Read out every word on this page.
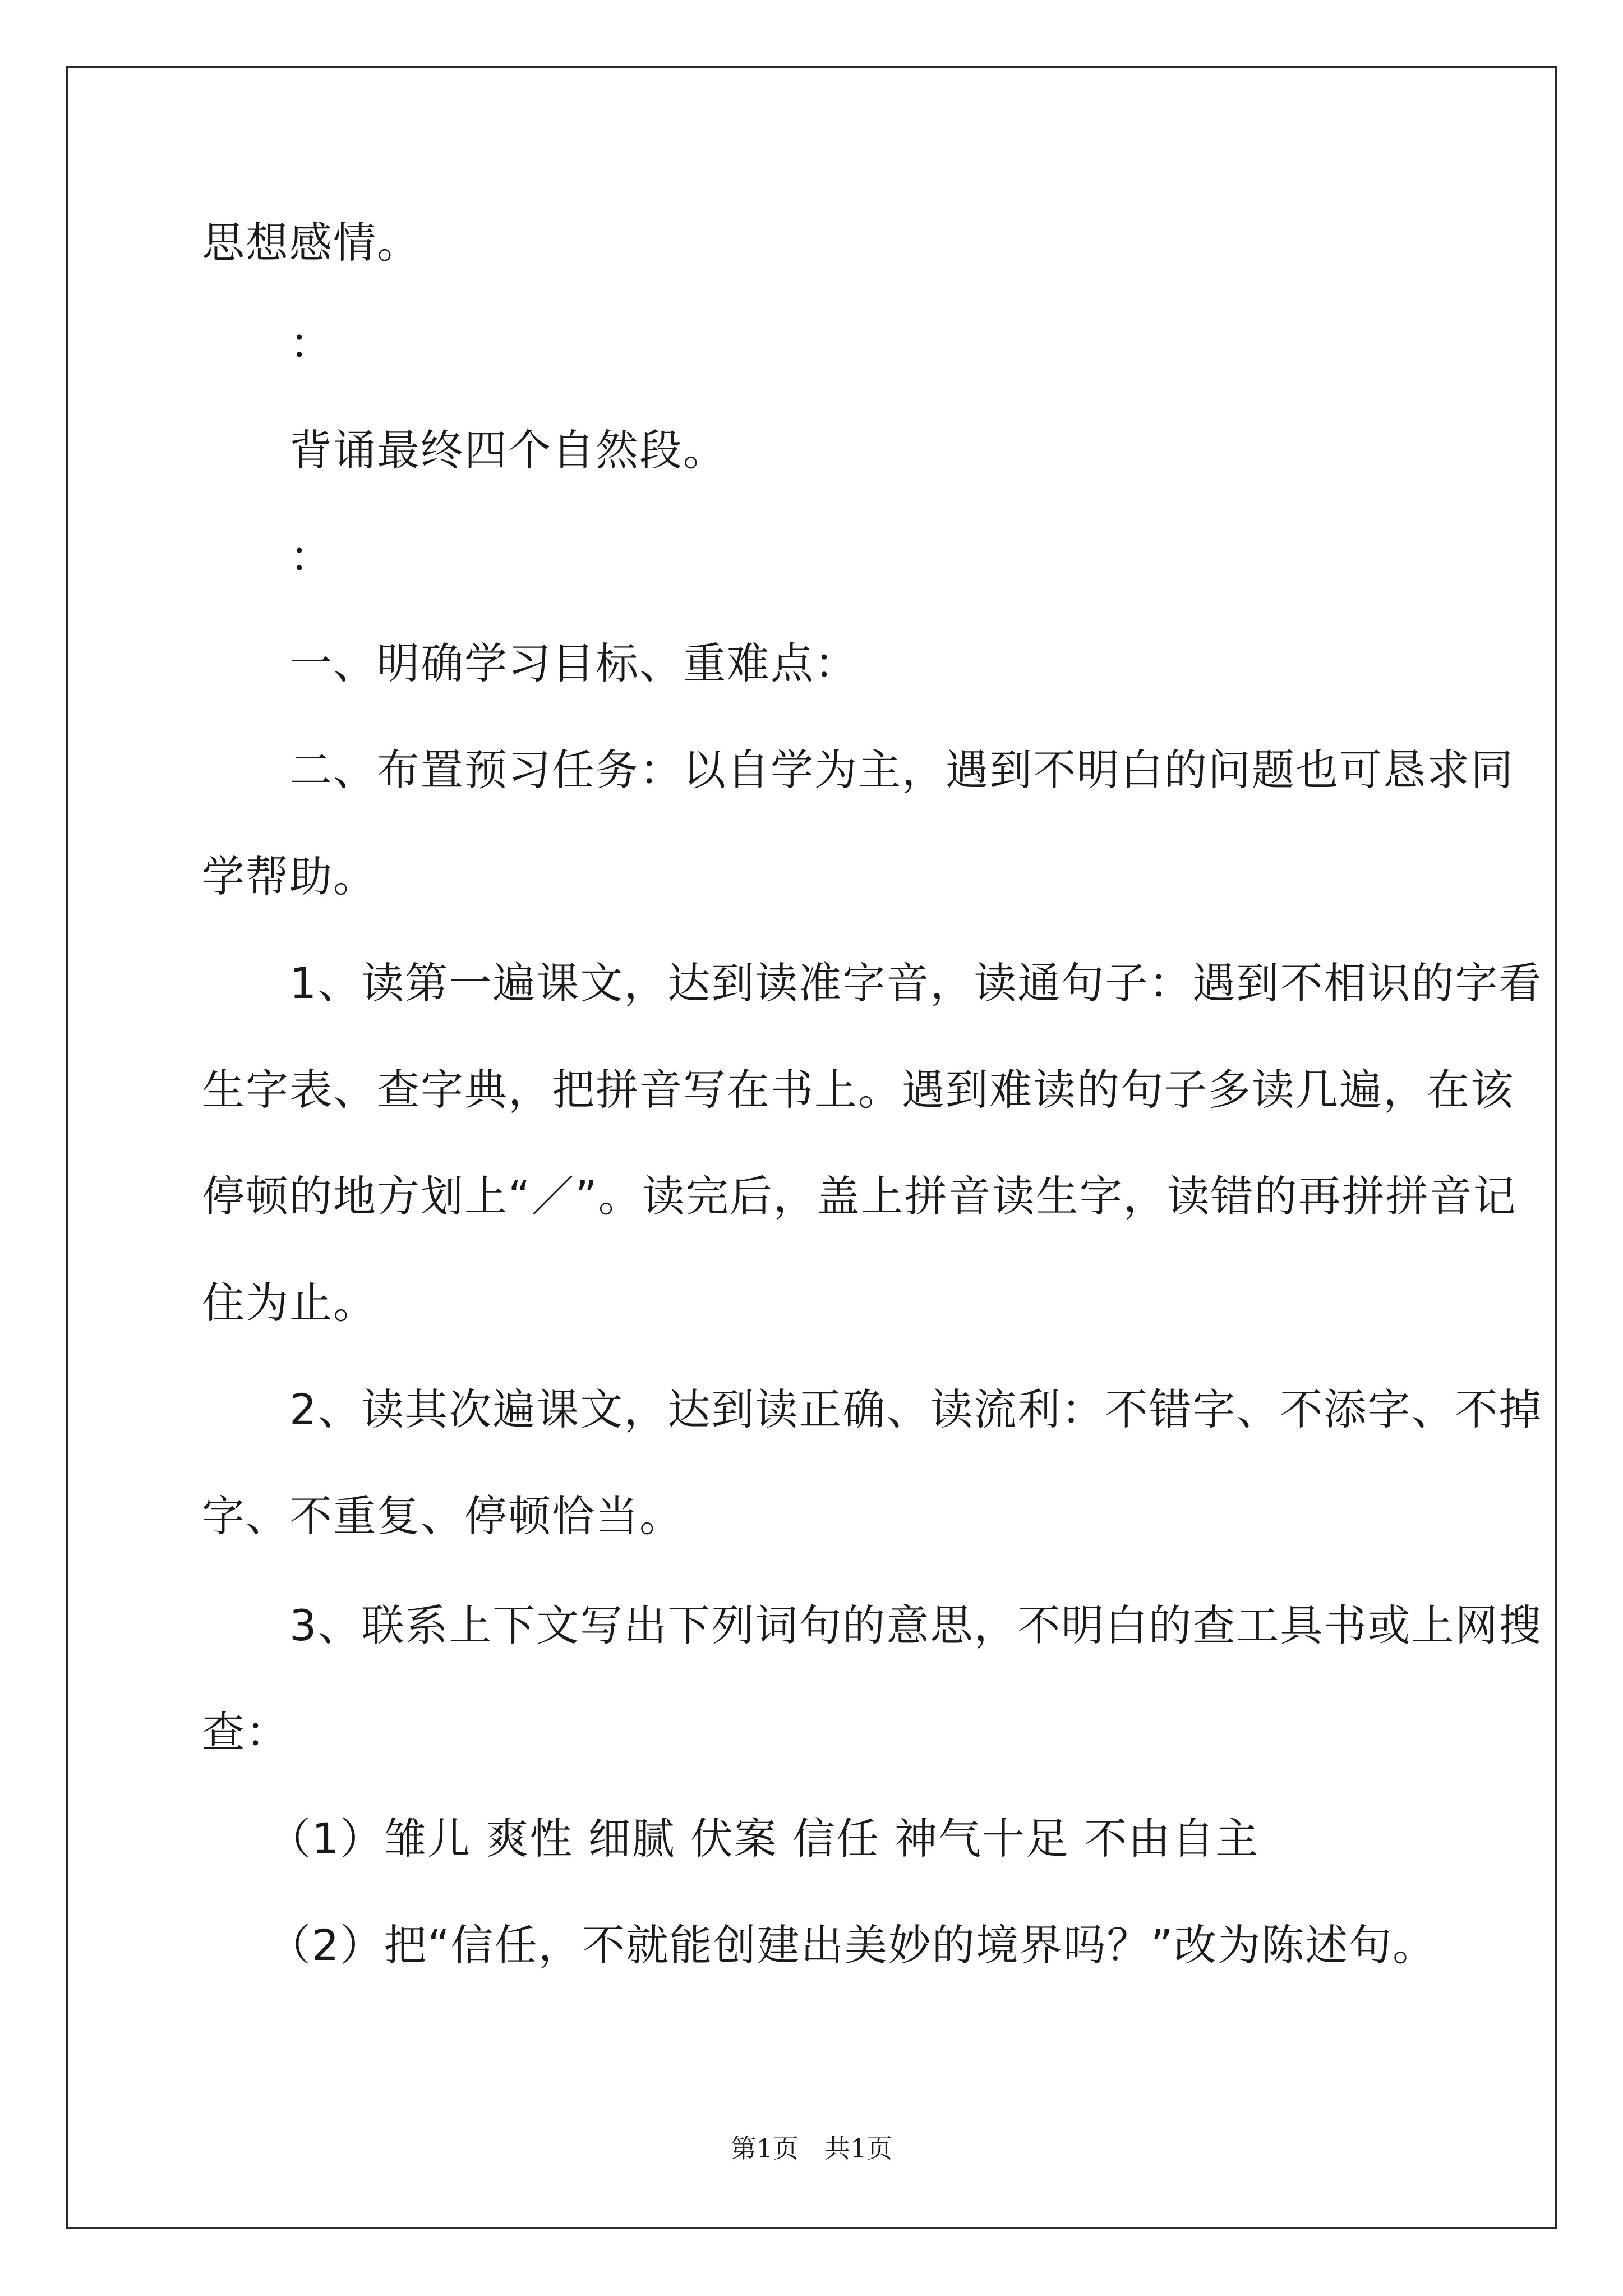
思想感情。
　　：
　　背诵最终四个自然段。
　　：
　　一、明确学习目标、重难点：
　　二、布置预习任务：以自学为主，遇到不明白的问题也可恳求同
学帮助。
　　1、读第一遍课文，达到读准字音，读通句子：遇到不相识的字看
生字表、查字典，把拼音写在书上。遇到难读的句子多读几遍，在该
停顿的地方划上“／”。读完后，盖上拼音读生字，读错的再拼拼音记
住为止。
　　2、读其次遍课文，达到读正确、读流利：不错字、不添字、不掉
字、不重复、停顿恰当。
　　3、联系上下文写出下列词句的意思，不明白的查工具书或上网搜
查：
　　（1）雏儿 爽性 细腻 伏案 信任 神气十足 不由自主
　　（2）把“信任，不就能创建出美妙的境界吗？”改为陈述句。
第1页　共1页
